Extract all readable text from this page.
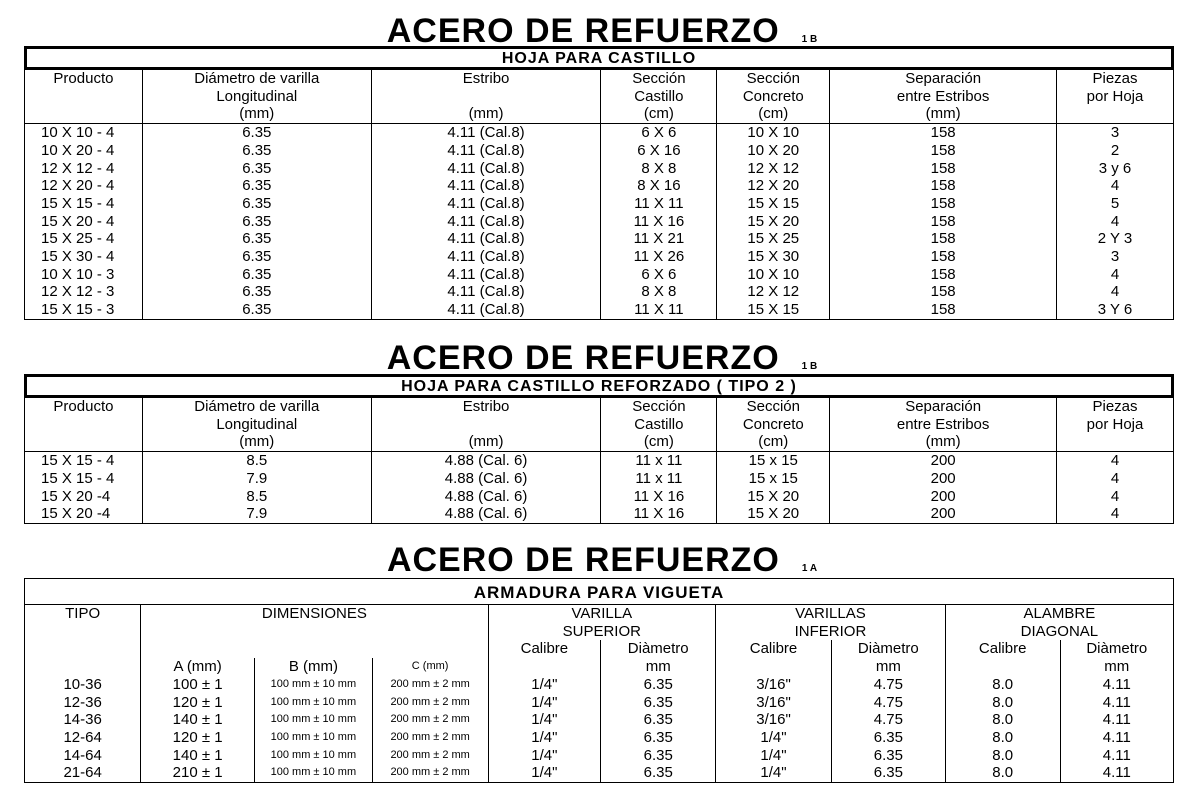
ACERO DE REFUERZO 1 B
HOJA PARA CASTILLO
Producto	Diámetro de varilla	Estribo	Sección	Sección	Separación	Piezas
	Longitudinal		Castillo	Concreto	entre Estribos	por Hoja
	(mm)	(mm)	(cm)	(cm)	(mm)	
10 X 10 - 4	6.35	4.11 (Cal.8)	6 X 6	10 X 10	158	3
10 X 20 - 4	6.35	4.11 (Cal.8)	6 X 16	10 X 20	158	2
12 X 12 - 4	6.35	4.11 (Cal.8)	8 X 8	12 X 12	158	3 y 6
12 X 20 - 4	6.35	4.11 (Cal.8)	8 X 16	12 X 20	158	4
15 X 15 - 4	6.35	4.11 (Cal.8)	11 X 11	15 X 15	158	5
15 X 20 - 4	6.35	4.11 (Cal.8)	11 X 16	15 X 20	158	4
15 X 25 - 4	6.35	4.11 (Cal.8)	11 X 21	15 X 25	158	2 Y 3
15 X 30 - 4	6.35	4.11 (Cal.8)	11 X 26	15 X 30	158	3
10 X 10 - 3	6.35	4.11 (Cal.8)	6 X 6	10 X 10	158	4
12 X 12 - 3	6.35	4.11 (Cal.8)	8 X 8	12 X 12	158	4
15 X 15 - 3	6.35	4.11 (Cal.8)	11 X 11	15 X 15	158	3 Y 6
ACERO DE REFUERZO 1 B
HOJA PARA CASTILLO REFORZADO ( TIPO 2 )
Producto	Diámetro de varilla	Estribo	Sección	Sección	Separación	Piezas
	Longitudinal		Castillo	Concreto	entre Estribos	por Hoja
	(mm)	(mm)	(cm)	(cm)	(mm)	
15 X 15 - 4	8.5	4.88 (Cal. 6)	11 x 11	15 x 15	200	4
15 X 15 - 4	7.9	4.88 (Cal. 6)	11 x 11	15 x 15	200	4
15 X 20 -4	8.5	4.88 (Cal. 6)	11 X 16	15 X 20	200	4
15 X 20 -4	7.9	4.88 (Cal. 6)	11 X 16	15 X 20	200	4
ACERO DE REFUERZO 1 A
ARMADURA PARA VIGUETA
TIPO	DIMENSIONES			VARILLA		VARILLAS		ALAMBRE	
				SUPERIOR		INFERIOR		DIAGONAL	
				Calibre	Diàmetro	Calibre	Diàmetro	Calibre	Diàmetro
	A (mm)	B (mm)	C (mm)		mm		mm		mm
10-36	100 ± 1	100 mm ± 10 mm	200 mm ± 2 mm	1/4"	6.35	3/16"	4.75	8.0	4.11
12-36	120 ± 1	100 mm ± 10 mm	200 mm ± 2 mm	1/4"	6.35	3/16"	4.75	8.0	4.11
14-36	140 ± 1	100 mm ± 10 mm	200 mm ± 2 mm	1/4"	6.35	3/16"	4.75	8.0	4.11
12-64	120 ± 1	100 mm ± 10 mm	200 mm ± 2 mm	1/4"	6.35	1/4"	6.35	8.0	4.11
14-64	140 ± 1	100 mm ± 10 mm	200 mm ± 2 mm	1/4"	6.35	1/4"	6.35	8.0	4.11
21-64	210 ± 1	100 mm ± 10 mm	200 mm ± 2 mm	1/4"	6.35	1/4"	6.35	8.0	4.11
